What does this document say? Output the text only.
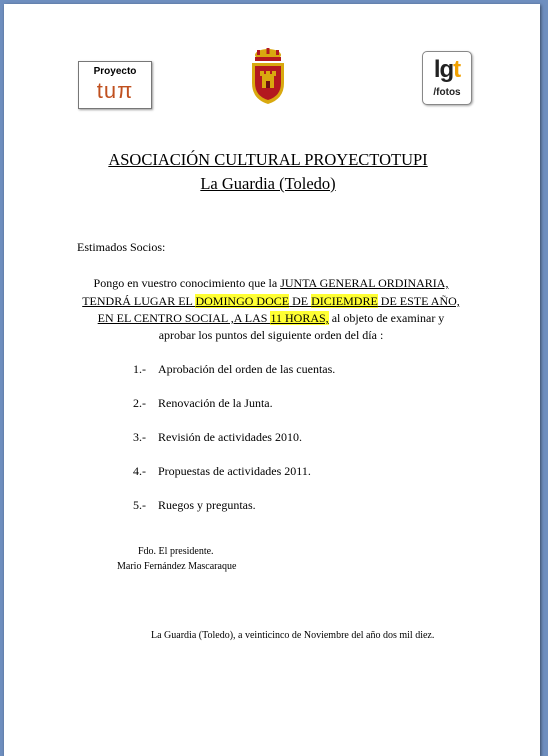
Proyecto
tuπ
lgt
/fotos
ASOCIACIÓN CULTURAL PROYECTOTUPI
La Guardia (Toledo)
Estimados Socios:
Pongo en vuestro conocimiento que la JUNTA GENERAL ORDINARIA,
TENDRÁ LUGAR EL DOMINGO DOCE DE DICIEMDRE DE ESTE AÑO,
EN EL CENTRO SOCIAL ,A LAS 11 HORAS, al objeto de examinar y
aprobar los puntos del siguiente orden del día :
1.- Aprobación del orden de las cuentas.
2.- Renovación de la Junta.
3.- Revisión de actividades 2010.
4.- Propuestas de actividades 2011.
5.- Ruegos y preguntas.
Fdo. El presidente.
Mario Fernández Mascaraque
La Guardia (Toledo), a veinticinco de Noviembre del año dos mil diez.
